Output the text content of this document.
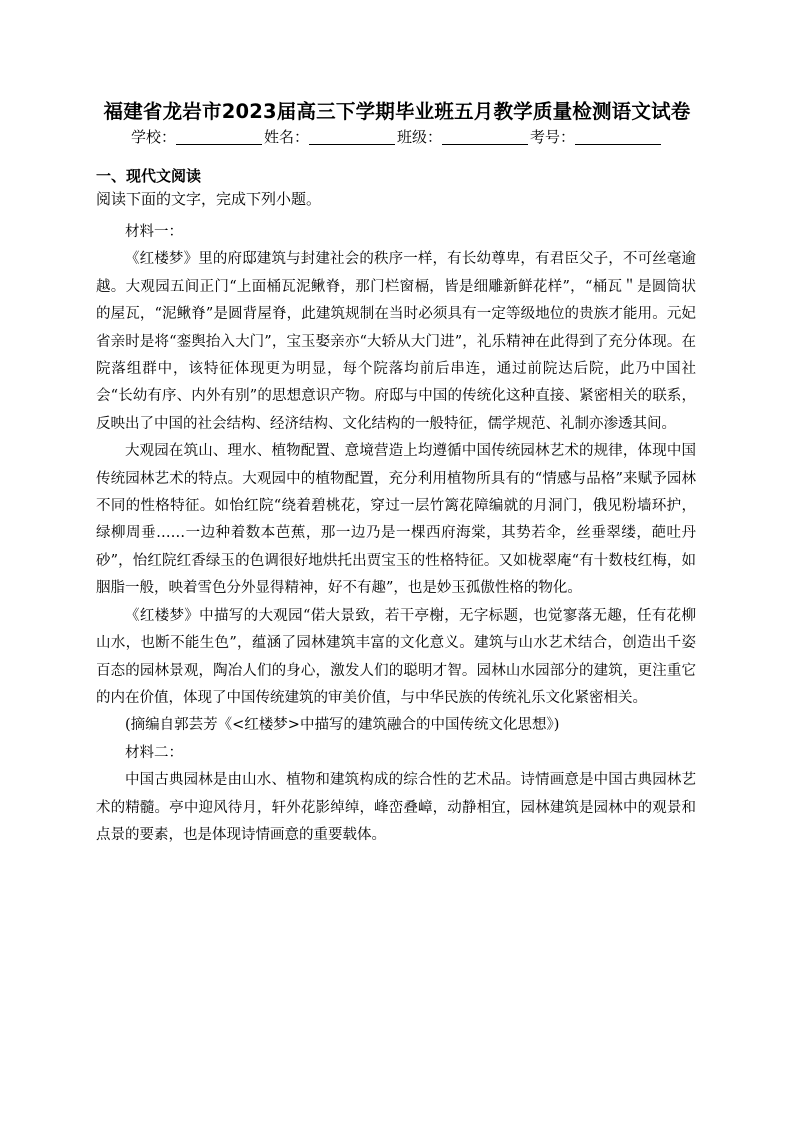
福建省龙岩市2023届高三下学期毕业班五月教学质量检测语文试卷
学校：	姓名：	班级：	考号：
一、现代文阅读
阅读下面的文字，完成下列小题。

材料一：

《红楼梦》里的府邸建筑与封建社会的秩序一样，有长幼尊卑，有君臣父子，不可丝毫逾越。大观园五间正门“上面桶瓦泥鳅脊，那门栏窗槅，皆是细雕新鲜花样”，“桶瓦＂是圆筒状的屋瓦，“泥鳅脊”是圆背屋脊，此建筑规制在当时必须具有一定等级地位的贵族才能用。元妃省亲时是将“銮舆抬入大门”，宝玉娶亲亦“大轿从大门进”，礼乐精神在此得到了充分体现。在院落组群中，该特征体现更为明显，每个院落均前后串连，通过前院达后院，此乃中国社会“长幼有序、内外有别”的思想意识产物。府邸与中国的传统化这种直接、紧密相关的联系，反映出了中国的社会结构、经济结构、文化结构的一般特征，儒学规范、礼制亦渗透其间。

大观园在筑山、理水、植物配置、意境营造上均遵循中国传统园林艺术的规律，体现中国传统园林艺术的特点。大观园中的植物配置，充分利用植物所具有的“情感与品格”来赋予园林不同的性格特征。如怡红院“绕着碧桃花，穿过一层竹篱花障编就的月洞门，俄见粉墙环护，绿柳周垂……一边种着数本芭蕉，那一边乃是一棵西府海棠，其势若伞，丝垂翠缕，葩吐丹砂”，怡红院红香绿玉的色调很好地烘托出贾宝玉的性格特征。又如栊翠庵“有十数枝红梅，如胭脂一般，映着雪色分外显得精神，好不有趣”，也是妙玉孤傲性格的物化。

《红楼梦》中描写的大观园“偌大景致，若干亭榭，无字标题，也觉寥落无趣，任有花柳山水，也断不能生色”，蕴涵了园林建筑丰富的文化意义。建筑与山水艺术结合，创造出千姿百态的园林景观，陶冶人们的身心，激发人们的聪明才智。园林山水园部分的建筑，更注重它的内在价值，体现了中国传统建筑的审美价值，与中华民族的传统礼乐文化紧密相关。

(摘编自郭芸芳《<红楼梦>中描写的建筑融合的中国传统文化思想》)

材料二：

中国古典园林是由山水、植物和建筑构成的综合性的艺术品。诗情画意是中国古典园林艺术的精髓。亭中迎风待月，轩外花影绰绰，峰峦叠嶂，动静相宜，园林建筑是园林中的观景和点景的要素，也是体现诗情画意的重要载体。
